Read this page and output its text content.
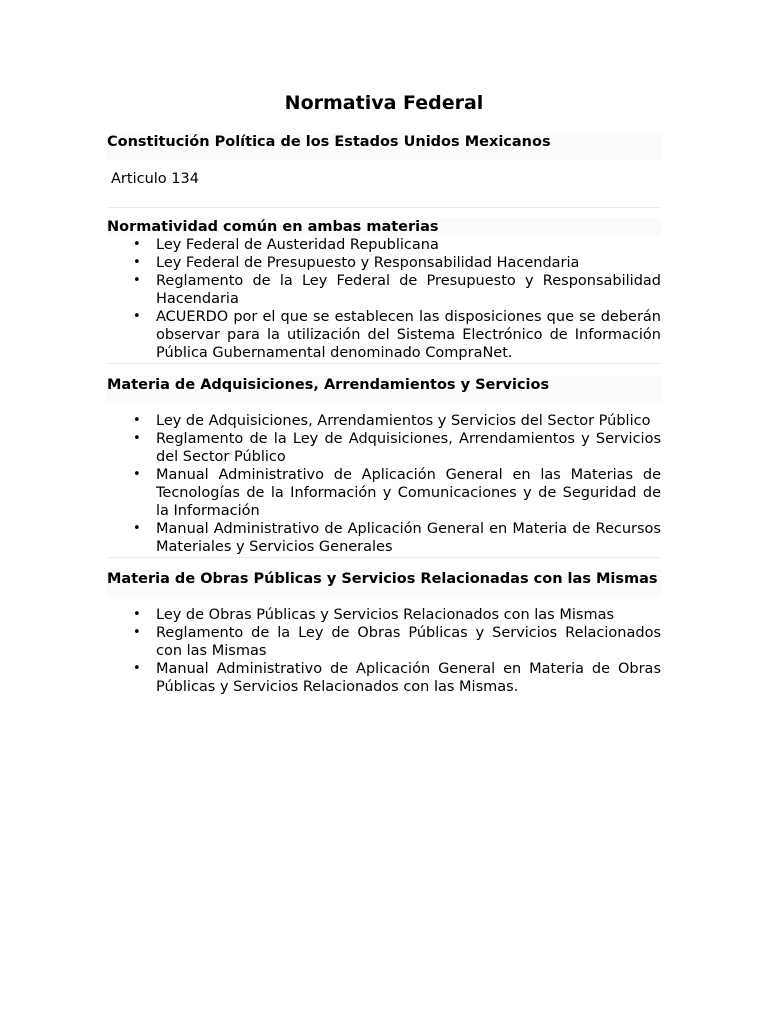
Normativa Federal
Constitución Política de los Estados Unidos Mexicanos
Articulo 134
Normatividad común en ambas materias
• Ley Federal de Austeridad Republicana
• Ley Federal de Presupuesto y Responsabilidad Hacendaria
• Reglamento de la Ley Federal de Presupuesto y Responsabilidad Hacendaria
• ACUERDO por el que se establecen las disposiciones que se deberán observar para la utilización del Sistema Electrónico de Información Pública Gubernamental denominado CompraNet.
Materia de Adquisiciones, Arrendamientos y Servicios
• Ley de Adquisiciones, Arrendamientos y Servicios del Sector Público
• Reglamento de la Ley de Adquisiciones, Arrendamientos y Servicios del Sector Público
• Manual Administrativo de Aplicación General en las Materias de Tecnologías de la Información y Comunicaciones y de Seguridad de la Información
• Manual Administrativo de Aplicación General en Materia de Recursos Materiales y Servicios Generales
Materia de Obras Públicas y Servicios Relacionadas con las Mismas
• Ley de Obras Públicas y Servicios Relacionados con las Mismas
• Reglamento de la Ley de Obras Públicas y Servicios Relacionados con las Mismas
• Manual Administrativo de Aplicación General en Materia de Obras Públicas y Servicios Relacionados con las Mismas.
